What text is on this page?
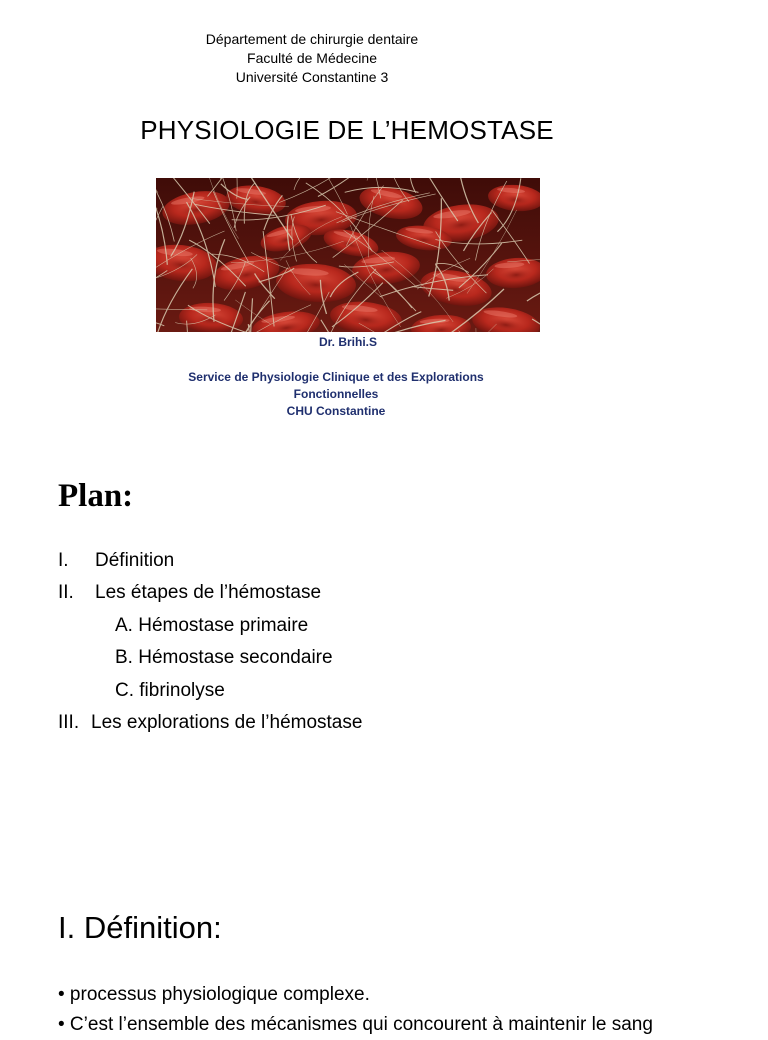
Département de chirurgie dentaire
Faculté de Médecine
Université Constantine 3
PHYSIOLOGIE DE L’HEMOSTASE
Dr. Brihi.S
Service de Physiologie Clinique et des Explorations
Fonctionnelles
CHU Constantine
Plan:
I.	Définition
II.	Les étapes de l’hémostase
A. Hémostase primaire
B. Hémostase secondaire
C. fibrinolyse
III. Les explorations de l’hémostase
I. Définition:
• processus physiologique complexe.
• C’est l’ensemble des mécanismes qui concourent à maintenir le sang
